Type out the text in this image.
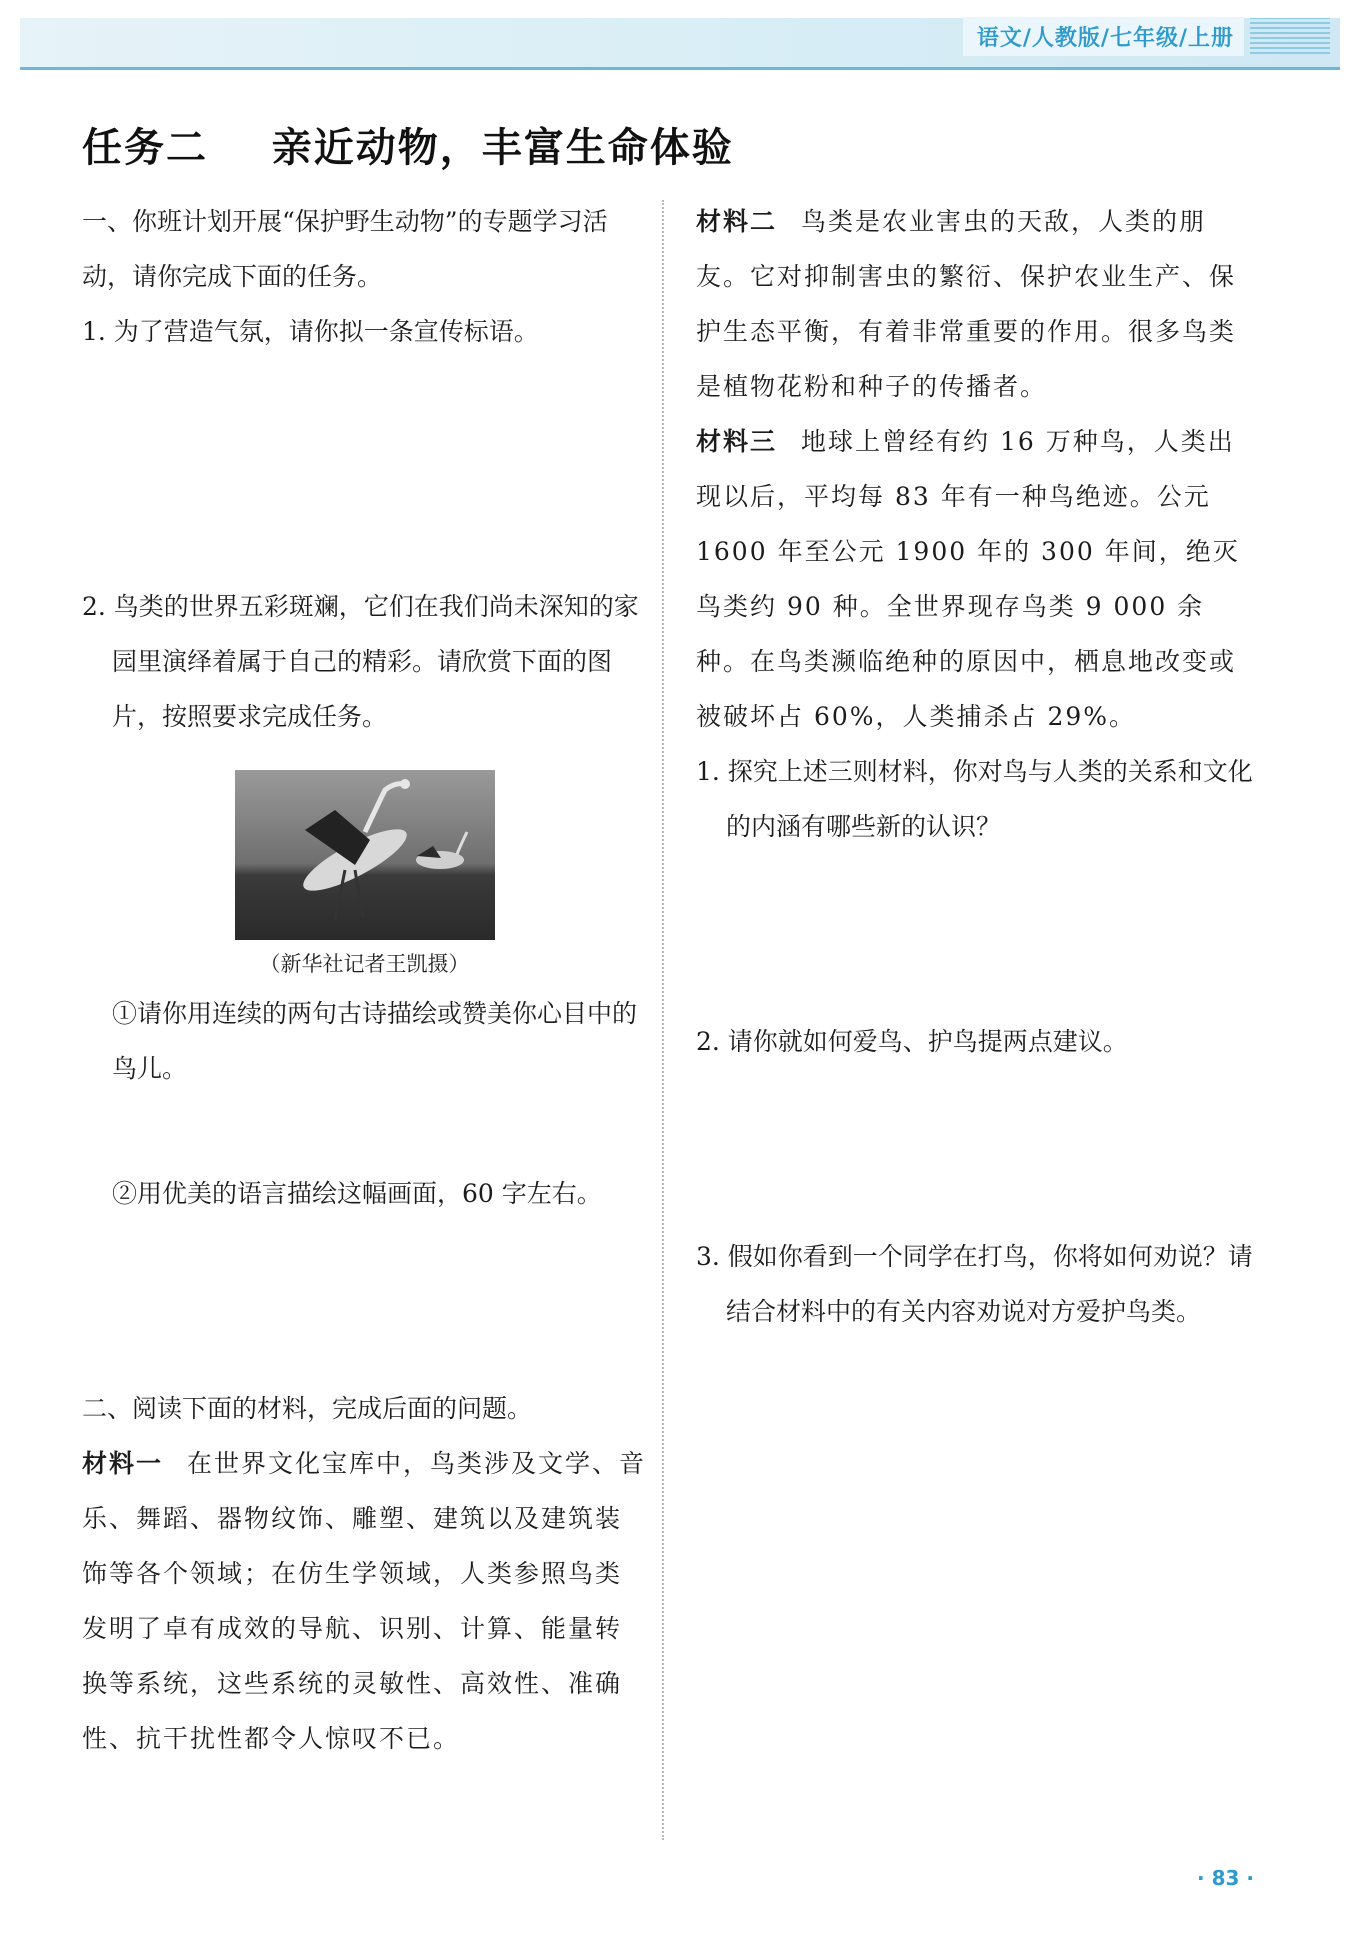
语文/人教版/七年级/上册
任务二    亲近动物，丰富生命体验

一、你班计划开展“保护野生动物”的专题学习活动，请你完成下面的任务。

1. 为了营造气氛，请你拟一条宣传标语。

2. 鸟类的世界五彩斑斓，它们在我们尚未深知的家园里演绎着属于自己的精彩。请欣赏下面的图片，按照要求完成任务。

（新华社记者王凯摄）

①请你用连续的两句古诗描绘或赞美你心目中的鸟儿。

②用优美的语言描绘这幅画面，60 字左右。

二、阅读下面的材料，完成后面的问题。

材料一 在世界文化宝库中，鸟类涉及文学、音乐、舞蹈、器物纹饰、雕塑、建筑以及建筑装饰等各个领域；在仿生学领域，人类参照鸟类发明了卓有成效的导航、识别、计算、能量转换等系统，这些系统的灵敏性、高效性、准确性、抗干扰性都令人惊叹不已。

材料二 鸟类是农业害虫的天敌，人类的朋友。它对抑制害虫的繁衍、保护农业生产、保护生态平衡，有着非常重要的作用。很多鸟类是植物花粉和种子的传播者。

材料三 地球上曾经有约 16 万种鸟，人类出现以后，平均每 83 年有一种鸟绝迹。公元 1600 年至公元 1900 年的 300 年间，绝灭鸟类约 90 种。全世界现存鸟类 9 000 余种。在鸟类濒临绝种的原因中，栖息地改变或被破坏占 60%，人类捕杀占 29%。

1. 探究上述三则材料，你对鸟与人类的关系和文化的内涵有哪些新的认识？

2. 请你就如何爱鸟、护鸟提两点建议。

3. 假如你看到一个同学在打鸟，你将如何劝说？请结合材料中的有关内容劝说对方爱护鸟类。

· 83 ·
